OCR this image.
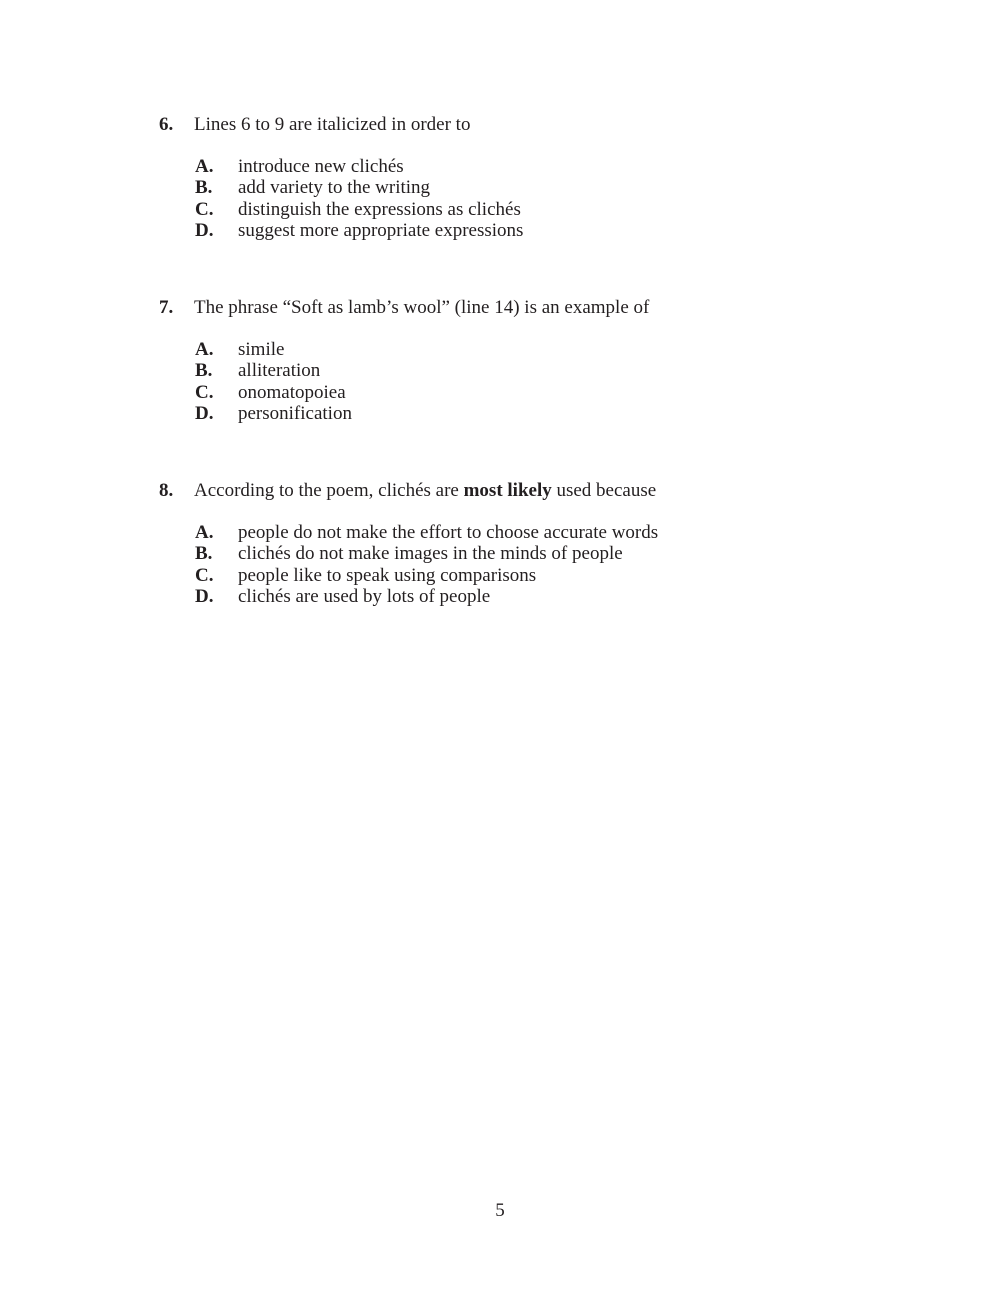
6. Lines 6 to 9 are italicized in order to
A. introduce new clichés
B. add variety to the writing
C. distinguish the expressions as clichés
D. suggest more appropriate expressions
7. The phrase “Soft as lamb’s wool” (line 14) is an example of
A. simile
B. alliteration
C. onomatopoiea
D. personification
8. According to the poem, clichés are most likely used because
A. people do not make the effort to choose accurate words
B. clichés do not make images in the minds of people
C. people like to speak using comparisons
D. clichés are used by lots of people
5
